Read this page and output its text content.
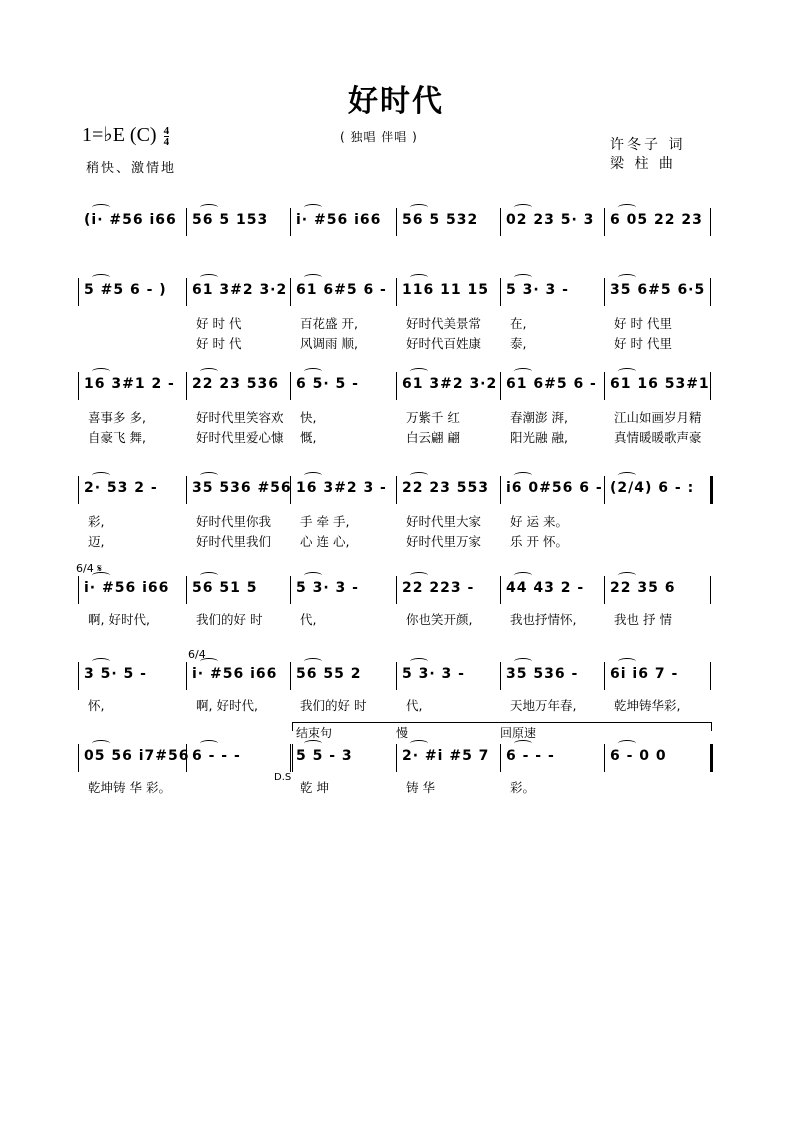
好时代
1=♭E $(C) \frac{4}{4}$
稍快、激情地
( 独唱 伴唱 )	许冬子 词
梁 柱 曲
(i· #56 i66 56 5 153 i· #56 i66 56 5 532 02 23 5· 3 6 05 22 23
5 #5 6 - ) 61 3#2 3·2 61 6#5 6 - 116 11 15 5 3· 3 -	35 6#5 6·5
好 时 代	百花盛 开,	好时代美景常 在,	好 时 代里
好 时 代	风调雨 顺,	好时代百姓康 泰,	好 时 代里
16 3#1 2 - 22 23 536 6 5· 5 -	61 3#2 3·2 61 6#5 6 - 61 16 53#1
喜事多 多,	好时代里笑容欢 快,	万紫千 红	春潮澎 湃,	江山如画岁月精
自豪飞 舞,	好时代里爱心慷 慨,	白云翩 翩	阳光融 融,	真情暖暖歌声豪
2· 53 2 - 35 536 #56 16 3#2 3 - 22 23 553 i6 0#56 6 - (2/4) 6 - :
彩,	好时代里你我 手 牵 手,	好时代里大家 好 运 来。
迈,	好时代里我们 心 连 心,	好时代里万家 乐 开 怀。
i· #56 i66 56 51 5	5 3· 3 -	22 223 - 44 43 2 - 22 35 6
啊, 好时代,	我们的好 时	代,	你也笑开颜,	我也抒情怀,	我也 抒 情
6/4 𝄋
3 5· 5 -	i· #56 i66 56 55 2	5 3· 3 -	35 536 - 6i i6 7 -
怀,	啊, 好时代,	我们的好 时	代,	天地万年春,	乾坤铸华彩,
6/4
05 56 i7#56 6 - - -	5 5 - 3	2· #i #5 7 6 - - -	6 - 0 0
乾坤铸 华 彩。	乾 坤	铸 华	彩。
结束句	慢	回原速
D.S
